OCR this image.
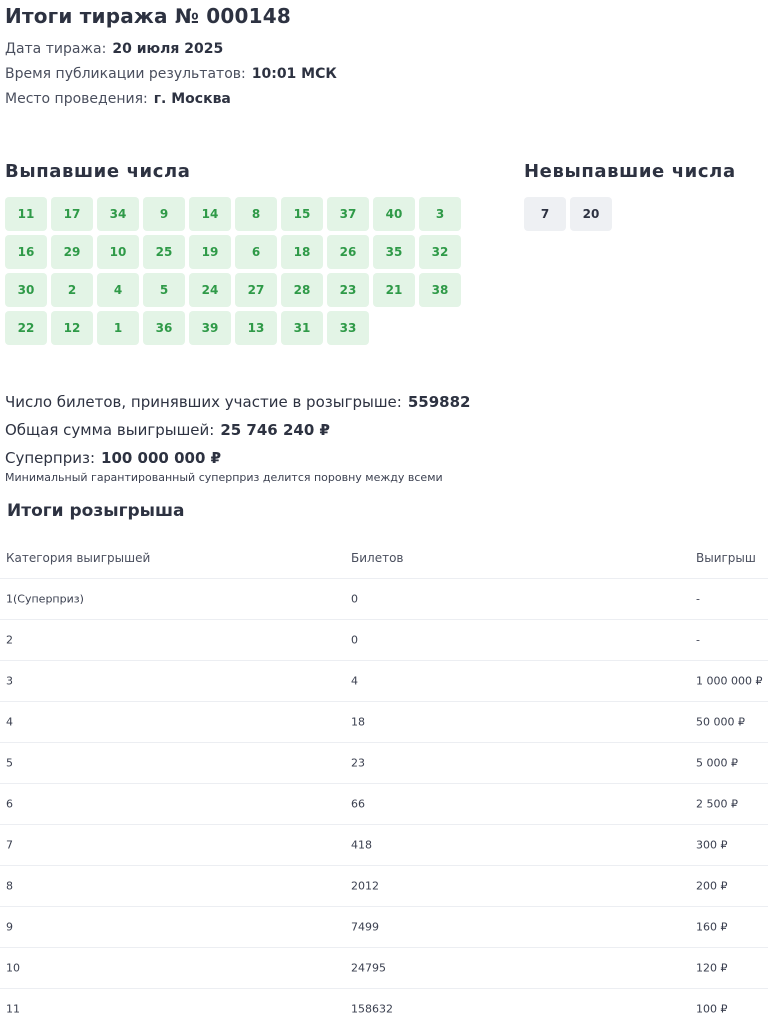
Итоги тиража № 000148
Дата тиража: 20 июля 2025
Время публикации результатов: 10:01 МСК
Место проведения: г. Москва
Выпавшие числа	Невыпавшие числа
11	17	34	9	14	8	15	37	40	3
16	29	10	25	19	6	18	26	35	32
30	2	4	5	24	27	28	23	21	38
22	12	1	36	39	13	31	33
7	20
Число билетов, принявших участие в розыгрыше: 559882
Общая сумма выигрышей: 25 746 240 ₽
Суперприз: 100 000 000 ₽
Минимальный гарантированный суперприз делится поровну между всеми
Итоги розыгрыша
Категория выигрышей	Билетов	Выигрыш
1(Суперприз)	0	-
2	0	-
3	4	1 000 000 ₽
4	18	50 000 ₽
5	23	5 000 ₽
6	66	2 500 ₽
7	418	300 ₽
8	2012	200 ₽
9	7499	160 ₽
10	24795	120 ₽
11	158632	100 ₽
